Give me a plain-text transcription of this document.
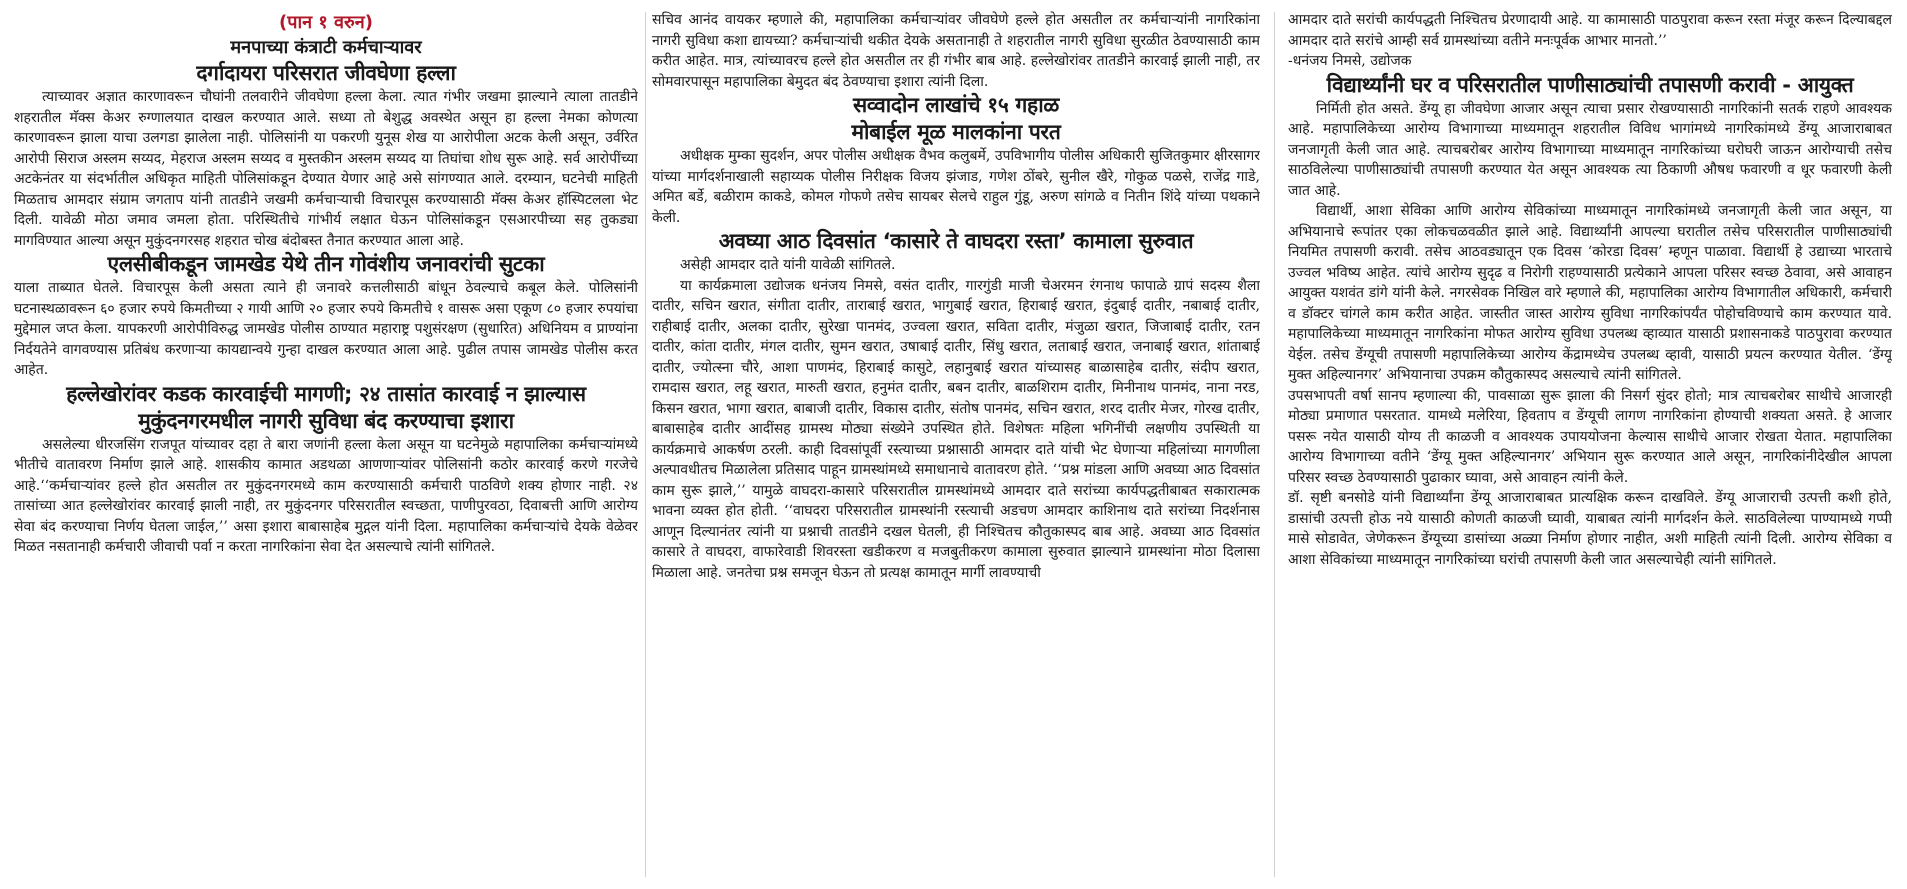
(पान १ वरुन)
मनपाच्या कंत्राटी कर्मचाऱ्यावर
दर्गादायरा परिसरात जीवघेणा हल्ला

त्याच्यावर अज्ञात कारणावरून चौघांनी तलवारीने जीवघेणा हल्ला केला. त्यात गंभीर जखमा झाल्याने त्याला तातडीने शहरातील मॅक्स केअर रुग्णालयात दाखल करण्यात आले. सध्या तो बेशुद्ध अवस्थेत असून हा हल्ला नेमका कोणत्या कारणावरून झाला याचा उलगडा झालेला नाही. पोलिसांनी या पकरणी युनूस शेख या आरोपीला अटक केली असून, उर्वरित आरोपी सिराज अस्लम सय्यद, मेहराज अस्लम सय्यद व मुस्तकीन अस्लम सय्यद या तिघांचा शोध सुरू आहे. सर्व आरोपींच्या अटकेनंतर या संदर्भातील अधिकृत माहिती पोलिसांकडून देण्यात येणार आहे असे सांगण्यात आले. दरम्यान, घटनेची माहिती मिळताच आमदार संग्राम जगताप यांनी तातडीने जखमी कर्मचाऱ्याची विचारपूस करण्यासाठी मॅक्स केअर हॉस्पिटलला भेट दिली. यावेळी मोठा जमाव जमला होता. परिस्थितीचे गांभीर्य लक्षात घेऊन पोलिसांकडून एसआरपीच्या सह तुकड्या मागविण्यात आल्या असून मुकुंदनगरसह शहरात चोख बंदोबस्त तैनात करण्यात आला आहे.

एलसीबीकडून जामखेड येथे तीन गोवंशीय जनावरांची सुटका

याला ताब्यात घेतले. विचारपूस केली असता त्याने ही जनावरे कत्तलीसाठी बांधून ठेवल्याचे कबूल केले. पोलिसांनी घटनास्थळावरून ६० हजार रुपये किमतीच्या २ गायी आणि २० हजार रुपये किमतीचे १ वासरू असा एकूण ८० हजार रुपयांचा मुद्देमाल जप्त केला. यापकरणी आरोपीविरुद्ध जामखेड पोलीस ठाण्यात महाराष्ट्र पशुसंरक्षण (सुधारित) अधिनियम व प्राण्यांना निर्दयतेने वागवण्यास प्रतिबंध करणाऱ्या कायद्यान्वये गुन्हा दाखल करण्यात आला आहे. पुढील तपास जामखेड पोलीस करत आहेत.

हल्लेखोरांवर कडक कारवाईची मागणी; २४ तासांत कारवाई न झाल्यास
मुकुंदनगरमधील नागरी सुविधा बंद करण्याचा इशारा

असलेल्या धीरजसिंग राजपूत यांच्यावर दहा ते बारा जणांनी हल्ला केला असून या घटनेमुळे महापालिका कर्मचाऱ्यांमध्ये भीतीचे वातावरण निर्माण झाले आहे. शासकीय कामात अडथळा आणणाऱ्यांवर पोलिसांनी कठोर कारवाई करणे गरजेचे आहे.‘‘कर्मचाऱ्यांवर हल्ले होत असतील तर मुकुंदनगरमध्ये काम करण्यासाठी कर्मचारी पाठविणे शक्य होणार नाही. २४ तासांच्या आत हल्लेखोरांवर कारवाई झाली नाही, तर मुकुंदनगर परिसरातील स्वच्छता, पाणीपुरवठा, दिवाबत्ती आणि आरोग्य सेवा बंद करण्याचा निर्णय घेतला जाईल,’’ असा इशारा बाबासाहेब मुद्गल यांनी दिला. महापालिका कर्मचाऱ्यांचे देयके वेळेवर मिळत नसतानाही कर्मचारी जीवाची पर्वा न करता नागरिकांना सेवा देत असल्याचे त्यांनी सांगितले.

सचिव आनंद वायकर म्हणाले की, महापालिका कर्मचाऱ्यांवर जीवघेणे हल्ले होत असतील तर कर्मचाऱ्यांनी नागरिकांना नागरी सुविधा कशा द्यायच्या? कर्मचाऱ्यांची थकीत देयके असतानाही ते शहरातील नागरी सुविधा सुरळीत ठेवण्यासाठी काम करीत आहेत. मात्र, त्यांच्यावरच हल्ले होत असतील तर ही गंभीर बाब आहे. हल्लेखोरांवर तातडीने कारवाई झाली नाही, तर सोमवारपासून महापालिका बेमुदत बंद ठेवण्याचा इशारा त्यांनी दिला.

सव्वादोन लाखांचे १५ गहाळ
मोबाईल मूळ मालकांना परत

अधीक्षक मुम्का सुदर्शन, अपर पोलीस अधीक्षक वैभव कलुबर्मे, उपविभागीय पोलीस अधिकारी सुजितकुमार क्षीरसागर यांच्या मार्गदर्शनाखाली सहाय्यक पोलीस निरीक्षक विजय झंजाड, गणेश ठोंबरे, सुनील खैरे, गोकुळ पळसे, राजेंद्र गाडे, अमित बर्डे, बळीराम काकडे, कोमल गोफणे तसेच सायबर सेलचे राहुल गुंडू, अरुण सांगळे व नितीन शिंदे यांच्या पथकाने केली.

अवघ्या आठ दिवसांत ‘कासारे ते वाघदरा रस्ता’ कामाला सुरुवात

असेही आमदार दाते यांनी यावेळी सांगितले.

या कार्यक्रमाला उद्योजक धनंजय निमसे, वसंत दातीर, गारगुंडी माजी चेअरमन रंगनाथ फापाळे ग्रापं सदस्य शैला दातीर, सचिन खरात, संगीता दातीर, ताराबाई खरात, भागुबाई खरात, हिराबाई खरात, इंदुबाई दातीर, नबाबाई दातीर, राहीबाई दातीर, अलका दातीर, सुरेखा पानमंद, उज्वला खरात, सविता दातीर, मंजुळा खरात, जिजाबाई दातीर, रतन दातीर, कांता दातीर, मंगल दातीर, सुमन खरात, उषाबाई दातीर, सिंधु खरात, लताबाई खरात, जनाबाई खरात, शांताबाई दातीर, ज्योत्स्ना चौरे, आशा पाणमंद, हिराबाई कासुटे, लहानुबाई खरात यांच्यासह बाळासाहेब दातीर, संदीप खरात, रामदास खरात, लहू खरात, मारुती खरात, हनुमंत दातीर, बबन दातीर, बाळशिराम दातीर, मिनीनाथ पानमंद, नाना नरड, किसन खरात, भागा खरात, बाबाजी दातीर, विकास दातीर, संतोष पानमंद, सचिन खरात, शरद दातीर मेजर, गोरख दातीर, बाबासाहेब दातीर आदींसह ग्रामस्थ मोठ्या संख्येने उपस्थित होते. विशेषतः महिला भगिनींची लक्षणीय उपस्थिती या कार्यक्रमाचे आकर्षण ठरली. काही दिवसांपूर्वी रस्त्याच्या प्रश्नासाठी आमदार दाते यांची भेट घेणाऱ्या महिलांच्या मागणीला अल्पावधीतच मिळालेला प्रतिसाद पाहून ग्रामस्थांमध्ये समाधानाचे वातावरण होते. ‘‘प्रश्न मांडला आणि अवघ्या आठ दिवसांत काम सुरू झाले,’’ यामुळे वाघदरा-कासारे परिसरातील ग्रामस्थांमध्ये आमदार दाते सरांच्या कार्यपद्धतीबाबत सकारात्मक भावना व्यक्त होत होती. ‘‘वाघदरा परिसरातील ग्रामस्थांनी रस्त्याची अडचण आमदार काशिनाथ दाते सरांच्या निदर्शनास आणून दिल्यानंतर त्यांनी या प्रश्नाची तातडीने दखल घेतली, ही निश्चितच कौतुकास्पद बाब आहे. अवघ्या आठ दिवसांत कासारे ते वाघदरा, वाफारेवाडी शिवरस्ता खडीकरण व मजबुतीकरण कामाला सुरुवात झाल्याने ग्रामस्थांना मोठा दिलासा मिळाला आहे. जनतेचा प्रश्न समजून घेऊन तो प्रत्यक्ष कामातून मार्गी लावण्याची

आमदार दाते सरांची कार्यपद्धती निश्चितच प्रेरणादायी आहे. या कामासाठी पाठपुरावा करून रस्ता मंजूर करून दिल्याबद्दल आमदार दाते सरांचे आम्ही सर्व ग्रामस्थांच्या वतीने मनःपूर्वक आभार मानतो.’’

-धनंजय निमसे, उद्योजक

विद्यार्थ्यांनी घर व परिसरातील पाणीसाठ्यांची तपासणी करावी - आयुक्त

निर्मिती होत असते. डेंग्यू हा जीवघेणा आजार असून त्याचा प्रसार रोखण्यासाठी नागरिकांनी सतर्क राहणे आवश्यक आहे. महापालिकेच्या आरोग्य विभागाच्या माध्यमातून शहरातील विविध भागांमध्ये नागरिकांमध्ये डेंग्यू आजाराबाबत जनजागृती केली जात आहे. त्याचबरोबर आरोग्य विभागाच्या माध्यमातून नागरिकांच्या घरोघरी जाऊन आरोग्याची तसेच साठविलेल्या पाणीसाठ्यांची तपासणी करण्यात येत असून आवश्यक त्या ठिकाणी औषध फवारणी व धूर फवारणी केली जात आहे.

विद्यार्थी, आशा सेविका आणि आरोग्य सेविकांच्या माध्यमातून नागरिकांमध्ये जनजागृती केली जात असून, या अभियानाचे रूपांतर एका लोकचळवळीत झाले आहे. विद्यार्थ्यांनी आपल्या घरातील तसेच परिसरातील पाणीसाठ्यांची नियमित तपासणी करावी. तसेच आठवड्यातून एक दिवस ‘कोरडा दिवस’ म्हणून पाळावा. विद्यार्थी हे उद्याच्या भारताचे उज्वल भविष्य आहेत. त्यांचे आरोग्य सुदृढ व निरोगी राहण्यासाठी प्रत्येकाने आपला परिसर स्वच्छ ठेवावा, असे आवाहन आयुक्त यशवंत डांगे यांनी केले. नगरसेवक निखिल वारे म्हणाले की, महापालिका आरोग्य विभागातील अधिकारी, कर्मचारी व डॉक्टर चांगले काम करीत आहेत. जास्तीत जास्त आरोग्य सुविधा नागरिकांपर्यंत पोहोचविण्याचे काम करण्यात यावे. महापालिकेच्या माध्यमातून नागरिकांना मोफत आरोग्य सुविधा उपलब्ध व्हाव्यात यासाठी प्रशासनाकडे पाठपुरावा करण्यात येईल. तसेच डेंग्यूची तपासणी महापालिकेच्या आरोग्य केंद्रामध्येच उपलब्ध व्हावी, यासाठी प्रयत्न करण्यात येतील. ‘डेंग्यू मुक्त अहिल्यानगर’ अभियानाचा उपक्रम कौतुकास्पद असल्याचे त्यांनी सांगितले.

उपसभापती वर्षा सानप म्हणाल्या की, पावसाळा सुरू झाला की निसर्ग सुंदर होतो; मात्र त्याचबरोबर साथीचे आजारही मोठ्या प्रमाणात पसरतात. यामध्ये मलेरिया, हिवताप व डेंग्यूची लागण नागरिकांना होण्याची शक्यता असते. हे आजार पसरू नयेत यासाठी योग्य ती काळजी व आवश्यक उपाययोजना केल्यास साथीचे आजार रोखता येतात. महापालिका आरोग्य विभागाच्या वतीने ‘डेंग्यू मुक्त अहिल्यानगर’ अभियान सुरू करण्यात आले असून, नागरिकांनीदेखील आपला परिसर स्वच्छ ठेवण्यासाठी पुढाकार घ्यावा, असे आवाहन त्यांनी केले.

डॉ. सृष्टी बनसोडे यांनी विद्यार्थ्यांना डेंग्यू आजाराबाबत प्रात्यक्षिक करून दाखविले. डेंग्यू आजाराची उत्पत्ती कशी होते, डासांची उत्पत्ती होऊ नये यासाठी कोणती काळजी घ्यावी, याबाबत त्यांनी मार्गदर्शन केले. साठविलेल्या पाण्यामध्ये गप्पी मासे सोडावेत, जेणेकरून डेंग्यूच्या डासांच्या अळ्या निर्माण होणार नाहीत, अशी माहिती त्यांनी दिली. आरोग्य सेविका व आशा सेविकांच्या माध्यमातून नागरिकांच्या घरांची तपासणी केली जात असल्याचेही त्यांनी सांगितले.
